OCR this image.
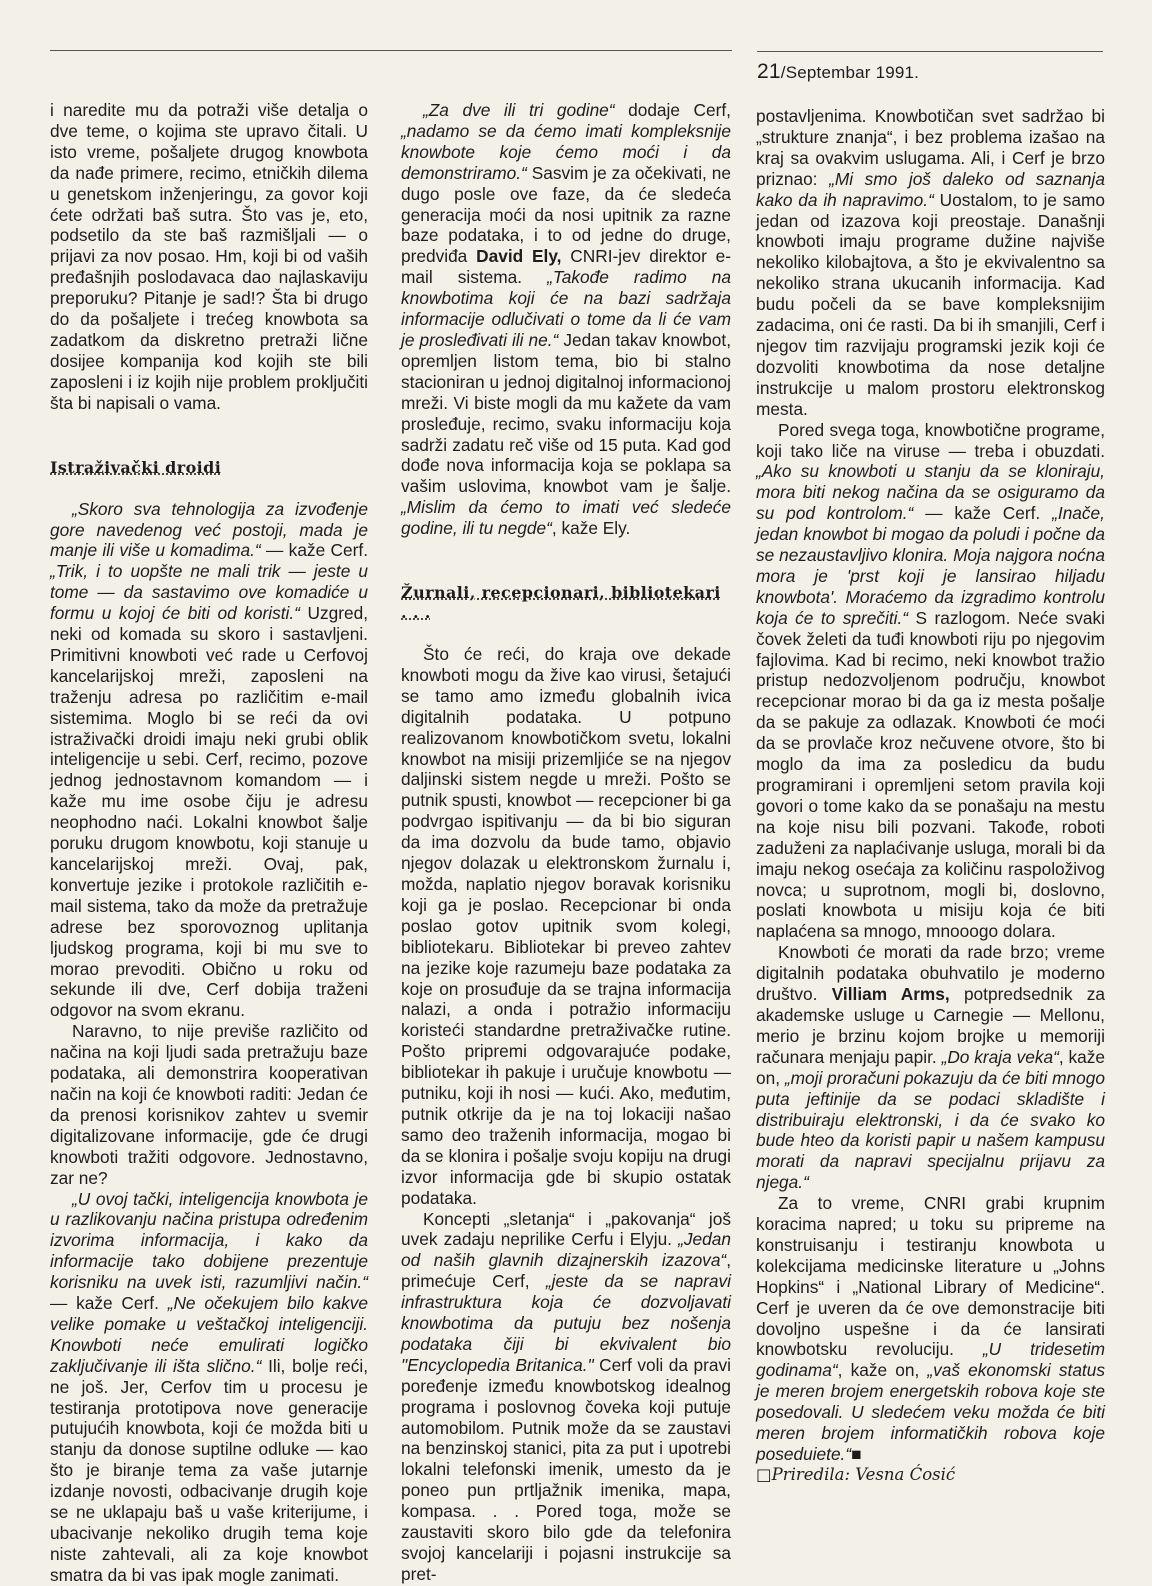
21/Septembar 1991.

i naredite mu da potraži više detalja o dve teme, o kojima ste upravo čitali. U isto vreme, pošaljete drugog knowbota da nađe primere, recimo, etničkih dilema u genetskom inženjeringu, za govor koji ćete održati baš sutra. Što vas je, eto, podsetilo da ste baš razmišljali — o prijavi za nov posao. Hm, koji bi od vaših prеđašnjih poslodavaca dao najlaskaviju preporuku? Pitanje je sad!? Šta bi drugo do da pošaljete i trećeg knowbota sa zadatkom da diskretno pretraži lične dosijee kompanija kod kojih ste bili zaposleni i iz kojih nije problem proključiti šta bi napisali o vama.

Istraživački droidi

„Skoro sva tehnologija za izvođenje gore navedenog već postoji, mada je manje ili više u komadima.“ — kaže Cerf. „Trik, i to uopšte ne mali trik — jeste u tome — da sastavimo ove komadiće u formu u kojoj će biti od koristi.“ Uzgred, neki od komada su skoro i sastavljeni. Primitivni knowboti već rade u Cerfovoj kancelarijskoj mreži, zaposleni na traženju adresa po različitim e-mail sistemima. Moglo bi se reći da ovi istraživački droidi imaju neki grubi oblik inteligencije u sebi. Cerf, recimo, pozove jednog jednostavnom komandom — i kaže mu ime osobe čiju je adresu neophodno naći. Lokalni knowbot šalje poruku drugom knowbotu, koji stanuje u kancelarijskoj mreži. Ovaj, pak, konvertuje jezike i protokole različitih e-mail sistema, tako da može da pretražuje adrese bez sporovoznog uplitanja ljudskog programa, koji bi mu sve to morao prevoditi. Obično u roku od sekunde ili dve, Cerf dobija traženi odgovor na svom ekranu.

Naravno, to nije previše različito od načina na koji ljudi sada pretražuju baze podataka, ali demonstrira kooperativan način na koji će knowboti raditi: Jedan će da prenosi korisnikov zahtev u svemir digitalizovane informacije, gde će drugi knowboti tražiti odgovore. Jednostavno, zar ne?

„U ovoj tački, inteligencija knowbota je u razlikovanju načina pristupa određenim izvorima informacija, i kako da informacije tako dobijene prezentuje korisniku na uvek isti, razumljivi način.“ — kaže Cerf. „Ne očekujem bilo kakve velike pomake u veštačkoj inteligenciji. Knowboti neće emulirati logičko zaključivanje ili išta slično.“ Ili, bolje reći, ne još. Jer, Cerfov tim u procesu je testiranja prototipova nove generacije putujućih knowbota, koji će možda biti u stanju da donose suptilne odluke — kao što je biranje tema za vaše jutarnje izdanje novosti, odbacivanje drugih koje se ne uklapaju baš u vaše kriterijume, i ubacivanje nekoliko drugih tema koje niste zahtevali, ali za koje knowbot smatra da bi vas ipak mogle zanimati.

„Za dve ili tri godine“ dodaje Cerf, „nadamo se da ćemo imati kompleksnije knowbote koje ćemo moći i da demonstriramo.“ Sasvim je za očekivati, ne dugo posle ove faze, da će sledeća generacija moći da nosi upitnik za razne baze podataka, i to od jedne do druge, predviđa David Ely, CNRI-jev direktor e-mail sistema. „Takođe radimo na knowbotima koji će na bazi sadržaja informacije odlučivati o tome da li će vam je prosleđivati ili ne.“ Jedan takav knowbot, opremljen listom tema, bio bi stalno stacioniran u jednoj digitalnoj informacionoj mreži. Vi biste mogli da mu kažete da vam prosleđuje, recimo, svaku informaciju koja sadrži zadatu reč više od 15 puta. Kad god dođe nova informacija koja se poklapa sa vašim uslovima, knowbot vam je šalje. „Mislim da ćemo to imati već sledeće godine, ili tu negde“, kaže Ely.

Žurnali, recepcionari, bibliotekari . . .

Što će reći, do kraja ove dekade knowboti mogu da žive kao virusi, šetajući se tamo amo između globalnih ivica digitalnih podataka. U potpuno realizovanom knowbotičkom svetu, lokalni knowbot na misiji prizemljiće se na njegov daljinski sistem negde u mreži. Pošto se putnik spusti, knowbot — recepcioner bi ga podvrgao ispitivanju — da bi bio siguran da ima dozvolu da bude tamo, objavio njegov dolazak u elektronskom žurnalu i, možda, naplatio njegov boravak korisniku koji ga je poslao. Recepcionar bi onda poslao gotov upitnik svom kolegi, bibliotekaru. Bibliotekar bi preveo zahtev na jezike koje razumeju baze podataka za koje on prosuđuje da se trajna informacija nalazi, a onda i potražio informaciju koristeći standardne pretraživačke rutine. Pošto pripremi odgovarajuće podake, bibliotekar ih pakuje i uručuje knowbotu — putniku, koji ih nosi — kući. Ako, međutim, putnik otkrije da je na toj lokaciji našao samo deo traženih informacija, mogao bi da se klonira i pošalje svoju kopiju na drugi izvor informacija gde bi skupio ostatak podataka.

Koncepti „sletanja“ i „pakovanja“ još uvek zadaju neprilike Cerfu i Elyju. „Jedan od naših glavnih dizajnerskih izazova“, primećuje Cerf, „jeste da se napravi infrastruktura koja će dozvoljavati knowbotima da putuju bez nošenja podataka čiji bi ekvivalent bio "Encyclopedia Britanica." Cerf voli da pravi poređenje između knowbotskog idealnog programa i poslovnog čoveka koji putuje automobilom. Putnik može da se zaustavi na benzinskoj stanici, pita za put i upotrebi lokalni telefonski imenik, umesto da je poneo pun prtljažnik imenika, mapa, kompasa. . . Pored toga, može se zaustaviti skoro bilo gde da telefonira svojoj kancelariji i pojasni instrukcije sa pret-

postavljenima. Knowbotičan svet sadržao bi „strukture znanja“, i bez problema izašao na kraj sa ovakvim uslugama. Ali, i Cerf je brzo priznao: „Mi smo još daleko od saznanja kako da ih napravimo.“ Uostalom, to je samo jedan od izazova koji preostaje. Današnji knowboti imaju programe dužine najviše nekoliko kilobajtova, a što je ekvivalentno sa nekoliko strana ukucanih informacija. Kad budu počeli da se bave kompleksnijim zadacima, oni će rasti. Da bi ih smanjili, Cerf i njegov tim razvijaju programski jezik koji će dozvoliti knowbotima da nose detaljne instrukcije u malom prostoru elektronskog mesta.

Pored svega toga, knowbotične programe, koji tako liče na viruse — treba i obuzdati. „Ako su knowboti u stanju da se kloniraju, mora biti nekog načina da se osiguramo da su pod kontrolom.“ — kaže Cerf. „Inače, jedan knowbot bi mogao da poludi i počne da se nezaustavljivo klonira. Moja najgora noćna mora je 'prst koji je lansirao hiljadu knowbota'. Moraćemo da izgradimo kontrolu koja će to sprečiti.“ S razlogom. Neće svaki čovek želeti da tuđi knowboti riju po njegovim fajlovima. Kad bi recimo, neki knowbot tražio pristup nedozvoljenom području, knowbot recepcionar morao bi da ga iz mesta pošalje da se pakuje za odlazak. Knowboti će moći da se provlače kroz nečuvene otvore, što bi moglo da ima za posledicu da budu programirani i opremljeni setom pravila koji govori o tome kako da se ponašaju na mestu na koje nisu bili pozvani. Takođe, roboti zaduženi za naplaćivanje usluga, morali bi da imaju nekog osećaja za količinu raspoloživog novca; u suprotnom, mogli bi, doslovno, poslati knowbota u misiju koja će biti naplaćena sa mnogo, mnooogo dolara.

Knowboti će morati da rade brzo; vreme digitalnih podataka obuhvatilo je moderno društvo. Villiam Arms, potpredsednik za akademske usluge u Carnegie — Mellonu, merio je brzinu kojom brojke u memoriji računara menjaju papir. „Do kraja veka“, kaže on, „moji proračuni pokazuju da će biti mnogo puta jeftinije da se podaci skladište i distribuiraju elektronski, i da će svako ko bude hteo da koristi papir u našem kampusu morati da napravi specijalnu prijavu za njega.“

Za to vreme, CNRI grabi krupnim koracima napred; u toku su pripreme na konstruisanju i testiranju knowbota u kolekcijama medicinske literature u „Johns Hopkins“ i „National Library of Medicine“. Cerf je uveren da će ove demonstracije biti dovoljno uspešne i da će lansirati knowbotsku revoluciju. „U tridesetim godinama“, kaže on, „vaš ekonomski status je meren brojem energetskih robova koje ste posedovali. U sledećem veku možda će biti meren brojem informatičkih robova koje poseduiete.“■

□Priredila: Vesna Ćosić
